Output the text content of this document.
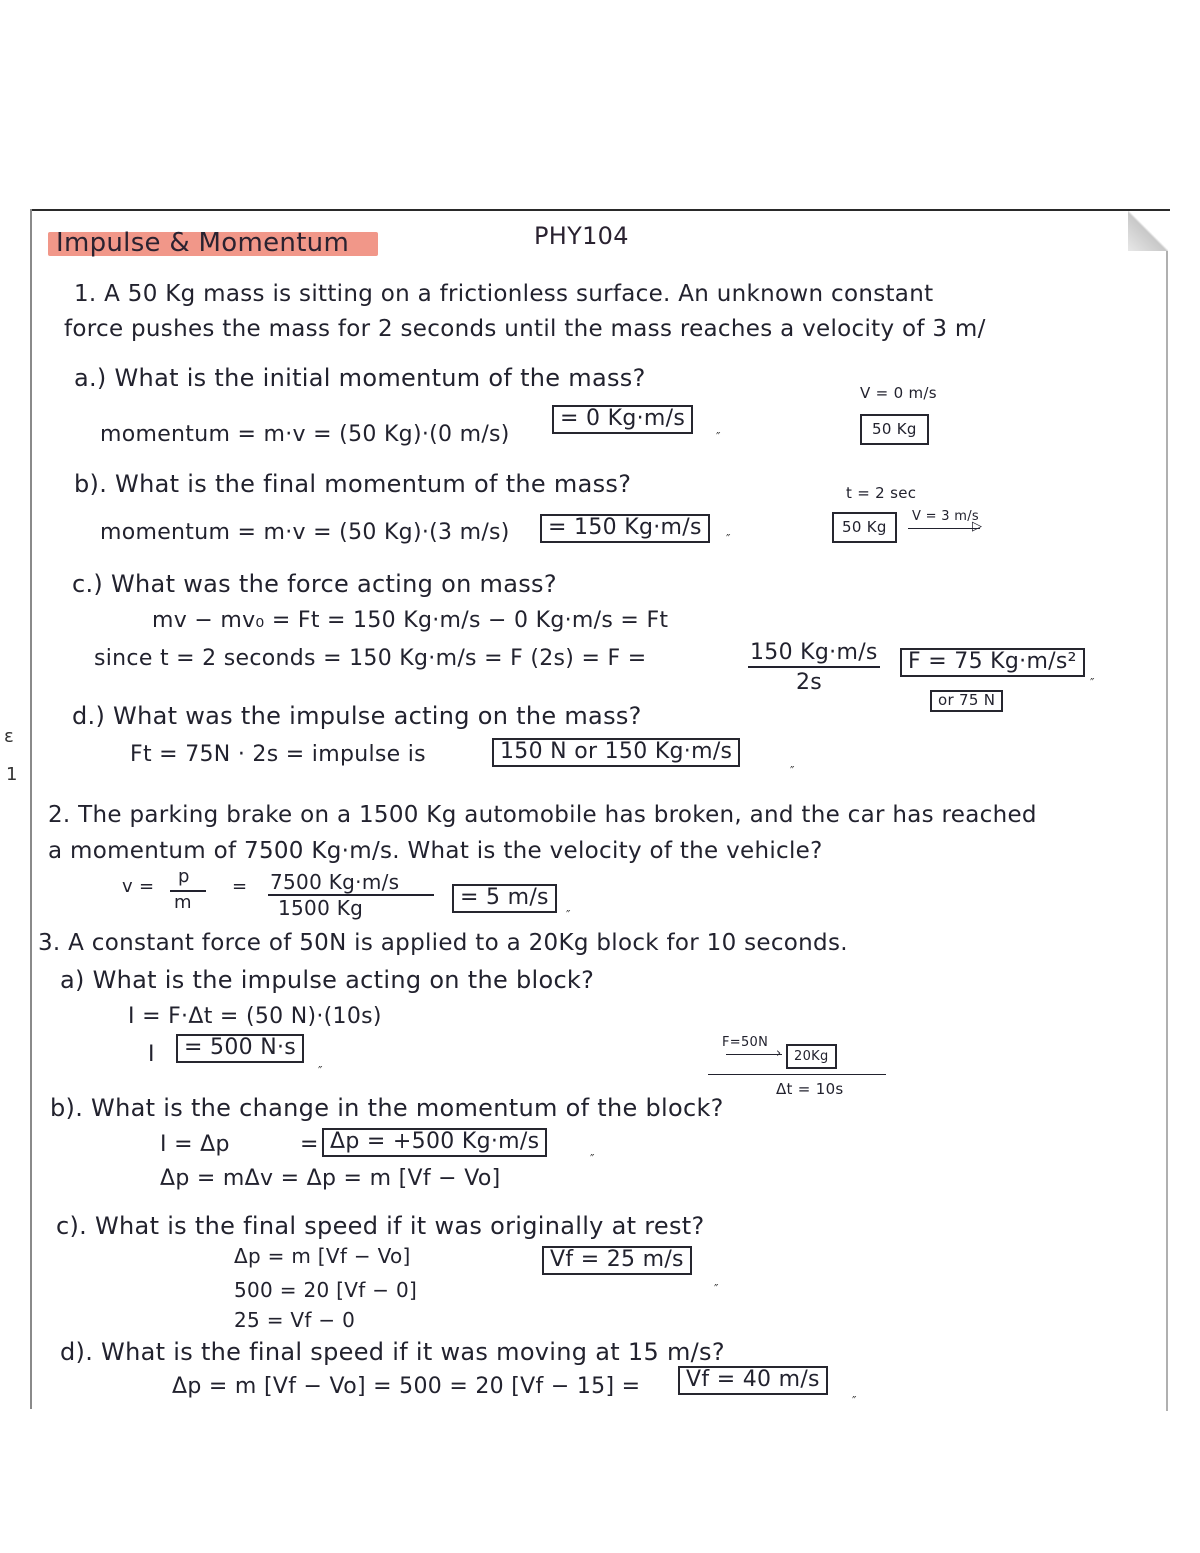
ε
1
Impulse & Momentum	PHY104
1. A 50 Kg mass is sitting on a frictionless surface. An unknown constant
force pushes the mass for 2 seconds until the mass reaches a velocity of 3 m/
a.) What is the initial momentum of the mass?
momentum = m·v = (50 Kg)·(0 m/s)
= 0 Kg·m/s
V = 0 m/s
50 Kg
b). What is the final momentum of the mass?
momentum = m·v = (50 Kg)·(3 m/s)	= 150 Kg·m/s
t = 2 sec
50 Kg
V = 3 m/s
▷
c.) What was the force acting on mass?
mv − mv₀ = Ft = 150 Kg·m/s − 0 Kg·m/s = Ft
since t = 2 seconds = 150 Kg·m/s = F (2s) = F =	150 Kg·m/s
2s
F = 75 Kg·m/s²
or 75 N
d.) What was the impulse acting on the mass?
Ft = 75N · 2s = impulse is	150 N or 150 Kg·m/s
2. The parking brake on a 1500 Kg automobile has broken, and the car has reached
a momentum of 7500 Kg·m/s. What is the velocity of the vehicle?
v = p
m
= 7500 Kg·m/s
1500 Kg	= 5 m/s
3. A constant force of 50N is applied to a 20Kg block for 10 seconds.
a) What is the impulse acting on the block?
I = F·Δt = (50 N)·(10s)
I	= 500 N·s	F=50N
› 20Kg
Δt = 10s
b). What is the change in the momentum of the block?
I = Δp	= Δp = +500 Kg·m/s
Δp = mΔv = Δp = m [Vf − Vo]
c). What is the final speed if it was originally at rest?
Δp = m [Vf − Vo]
500 = 20 [Vf − 0]
25 = Vf − 0
Vf = 25 m/s
d). What is the final speed if it was moving at 15 m/s?
Δp = m [Vf − Vo] = 500 = 20 [Vf − 15] =	Vf = 40 m/s
″
″
″
″
″
″
″
″
″
